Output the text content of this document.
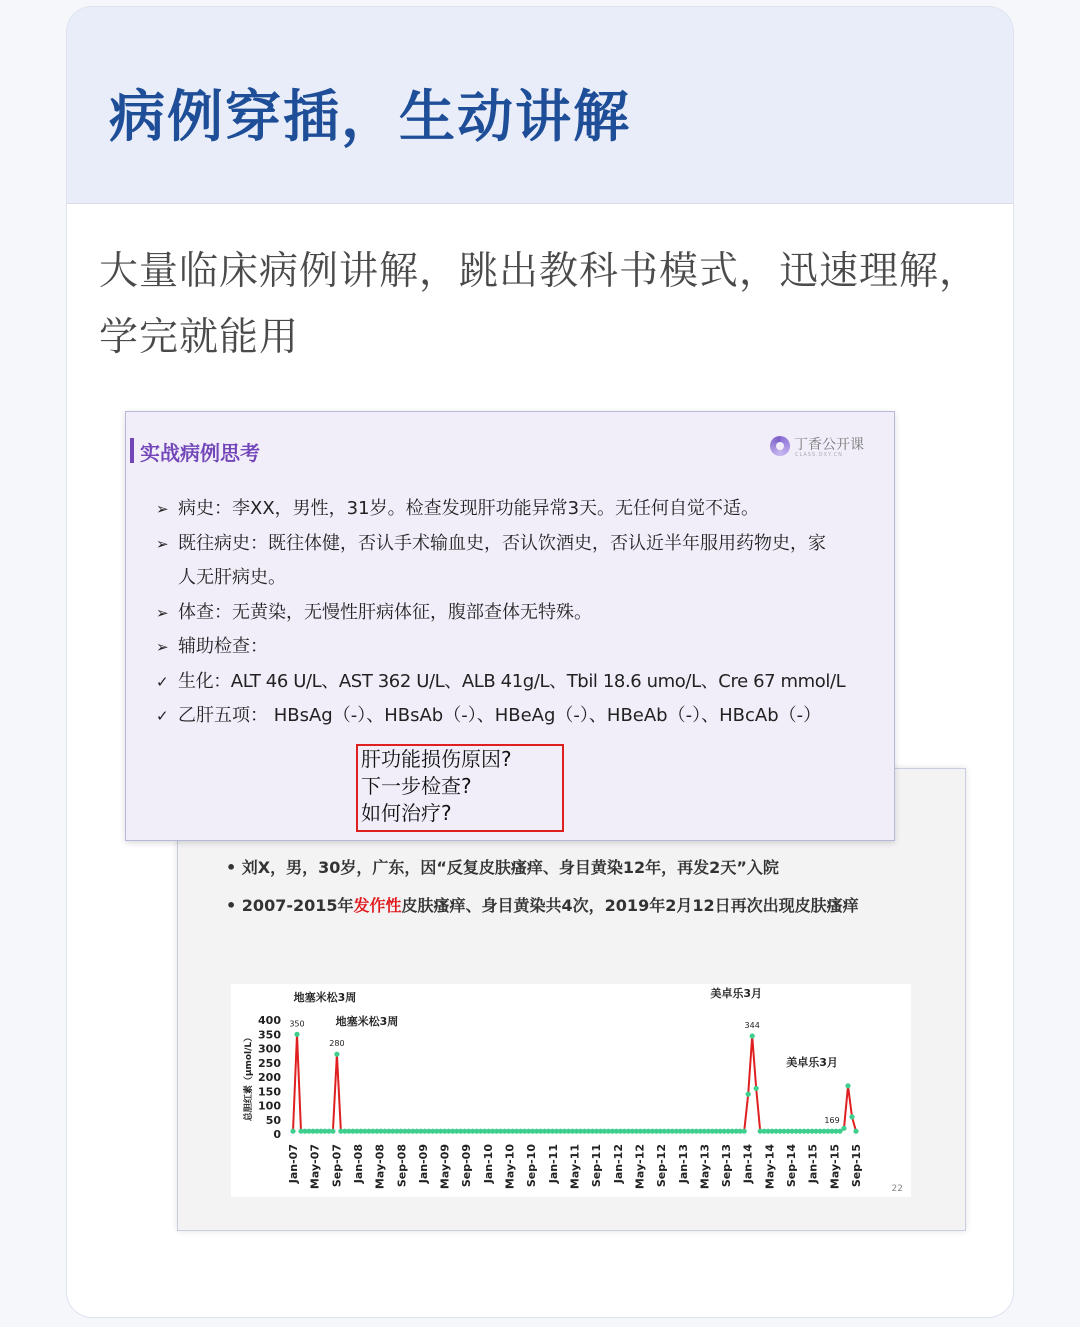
病例穿插，生动讲解
大量临床病例讲解，跳出教科书模式，迅速理解，学完就能用
• 刘X，男，30岁，广东，因“反复皮肤瘙痒、身目黄染12年，再发2天”入院
• 2007-2015年发作性皮肤瘙痒、身目黄染共4次，2019年2月12日再次出现皮肤瘙痒
0
50
100
150
200
250
300
350
400
总胆红素（μmol/L）
Jan-07 May-07 Sep-07 Jan-08 May-08 Sep-08 Jan-09 May-09 Sep-09 Jan-10 May-10 Sep-10 Jan-11 May-11 Sep-11 Jan-12 May-12 Sep-12 Jan-13 May-13 Sep-13 Jan-14 May-14 Sep-14 Jan-15 May-15 Sep-15
350
280
344
169
地塞米松3周
地塞米松3周
美卓乐3月
美卓乐3月
22
实战病例思考	丁香公开课
CLASS.DXY.CN
➢ 病史：李XX，男性，31岁。检查发现肝功能异常3天。无任何自觉不适。
➢ 既往病史：既往体健，否认手术输血史，否认饮酒史，否认近半年服用药物史，家
人无肝病史。
➢ 体查：无黄染，无慢性肝病体征，腹部查体无特殊。
➢ 辅助检查：
✓ 生化：ALT 46 U/L、AST 362 U/L、ALB 41g/L、Tbil 18.6 umo/L、Cre 67 mmol/L
✓ 乙肝五项： HBsAg（-）、HBsAb（-）、HBeAg（-）、HBeAb（-）、HBcAb（-）
肝功能损伤原因?
下一步检查?
如何治疗?
